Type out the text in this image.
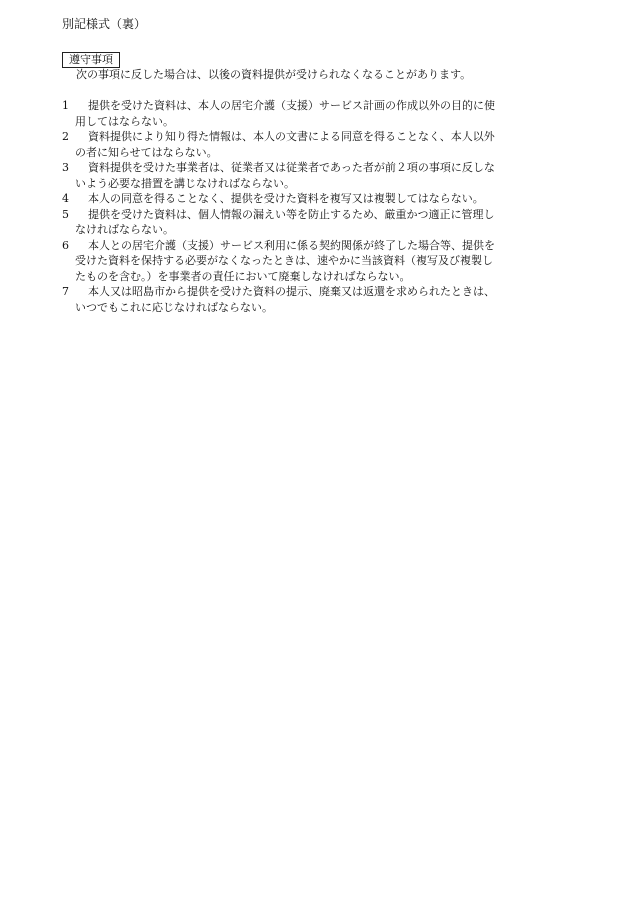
別記様式（裏）
遵守事項
次の事項に反した場合は、以後の資料提供が受けられなくなることがあります。
1 提供を受けた資料は、本人の居宅介護（支援）サービス計画の作成以外の目的に使
用してはならない。
2 資料提供により知り得た情報は、本人の文書による同意を得ることなく、本人以外
の者に知らせてはならない。
3 資料提供を受けた事業者は、従業者又は従業者であった者が前２項の事項に反しな
いよう必要な措置を講じなければならない。
4 本人の同意を得ることなく、提供を受けた資料を複写又は複製してはならない。
5 提供を受けた資料は、個人情報の漏えい等を防止するため、厳重かつ適正に管理し
なければならない。
6 本人との居宅介護（支援）サービス利用に係る契約関係が終了した場合等、提供を
受けた資料を保持する必要がなくなったときは、速やかに当該資料（複写及び複製し
たものを含む。）を事業者の責任において廃棄しなければならない。
7 本人又は昭島市から提供を受けた資料の提示、廃棄又は返還を求められたときは、
いつでもこれに応じなければならない。
